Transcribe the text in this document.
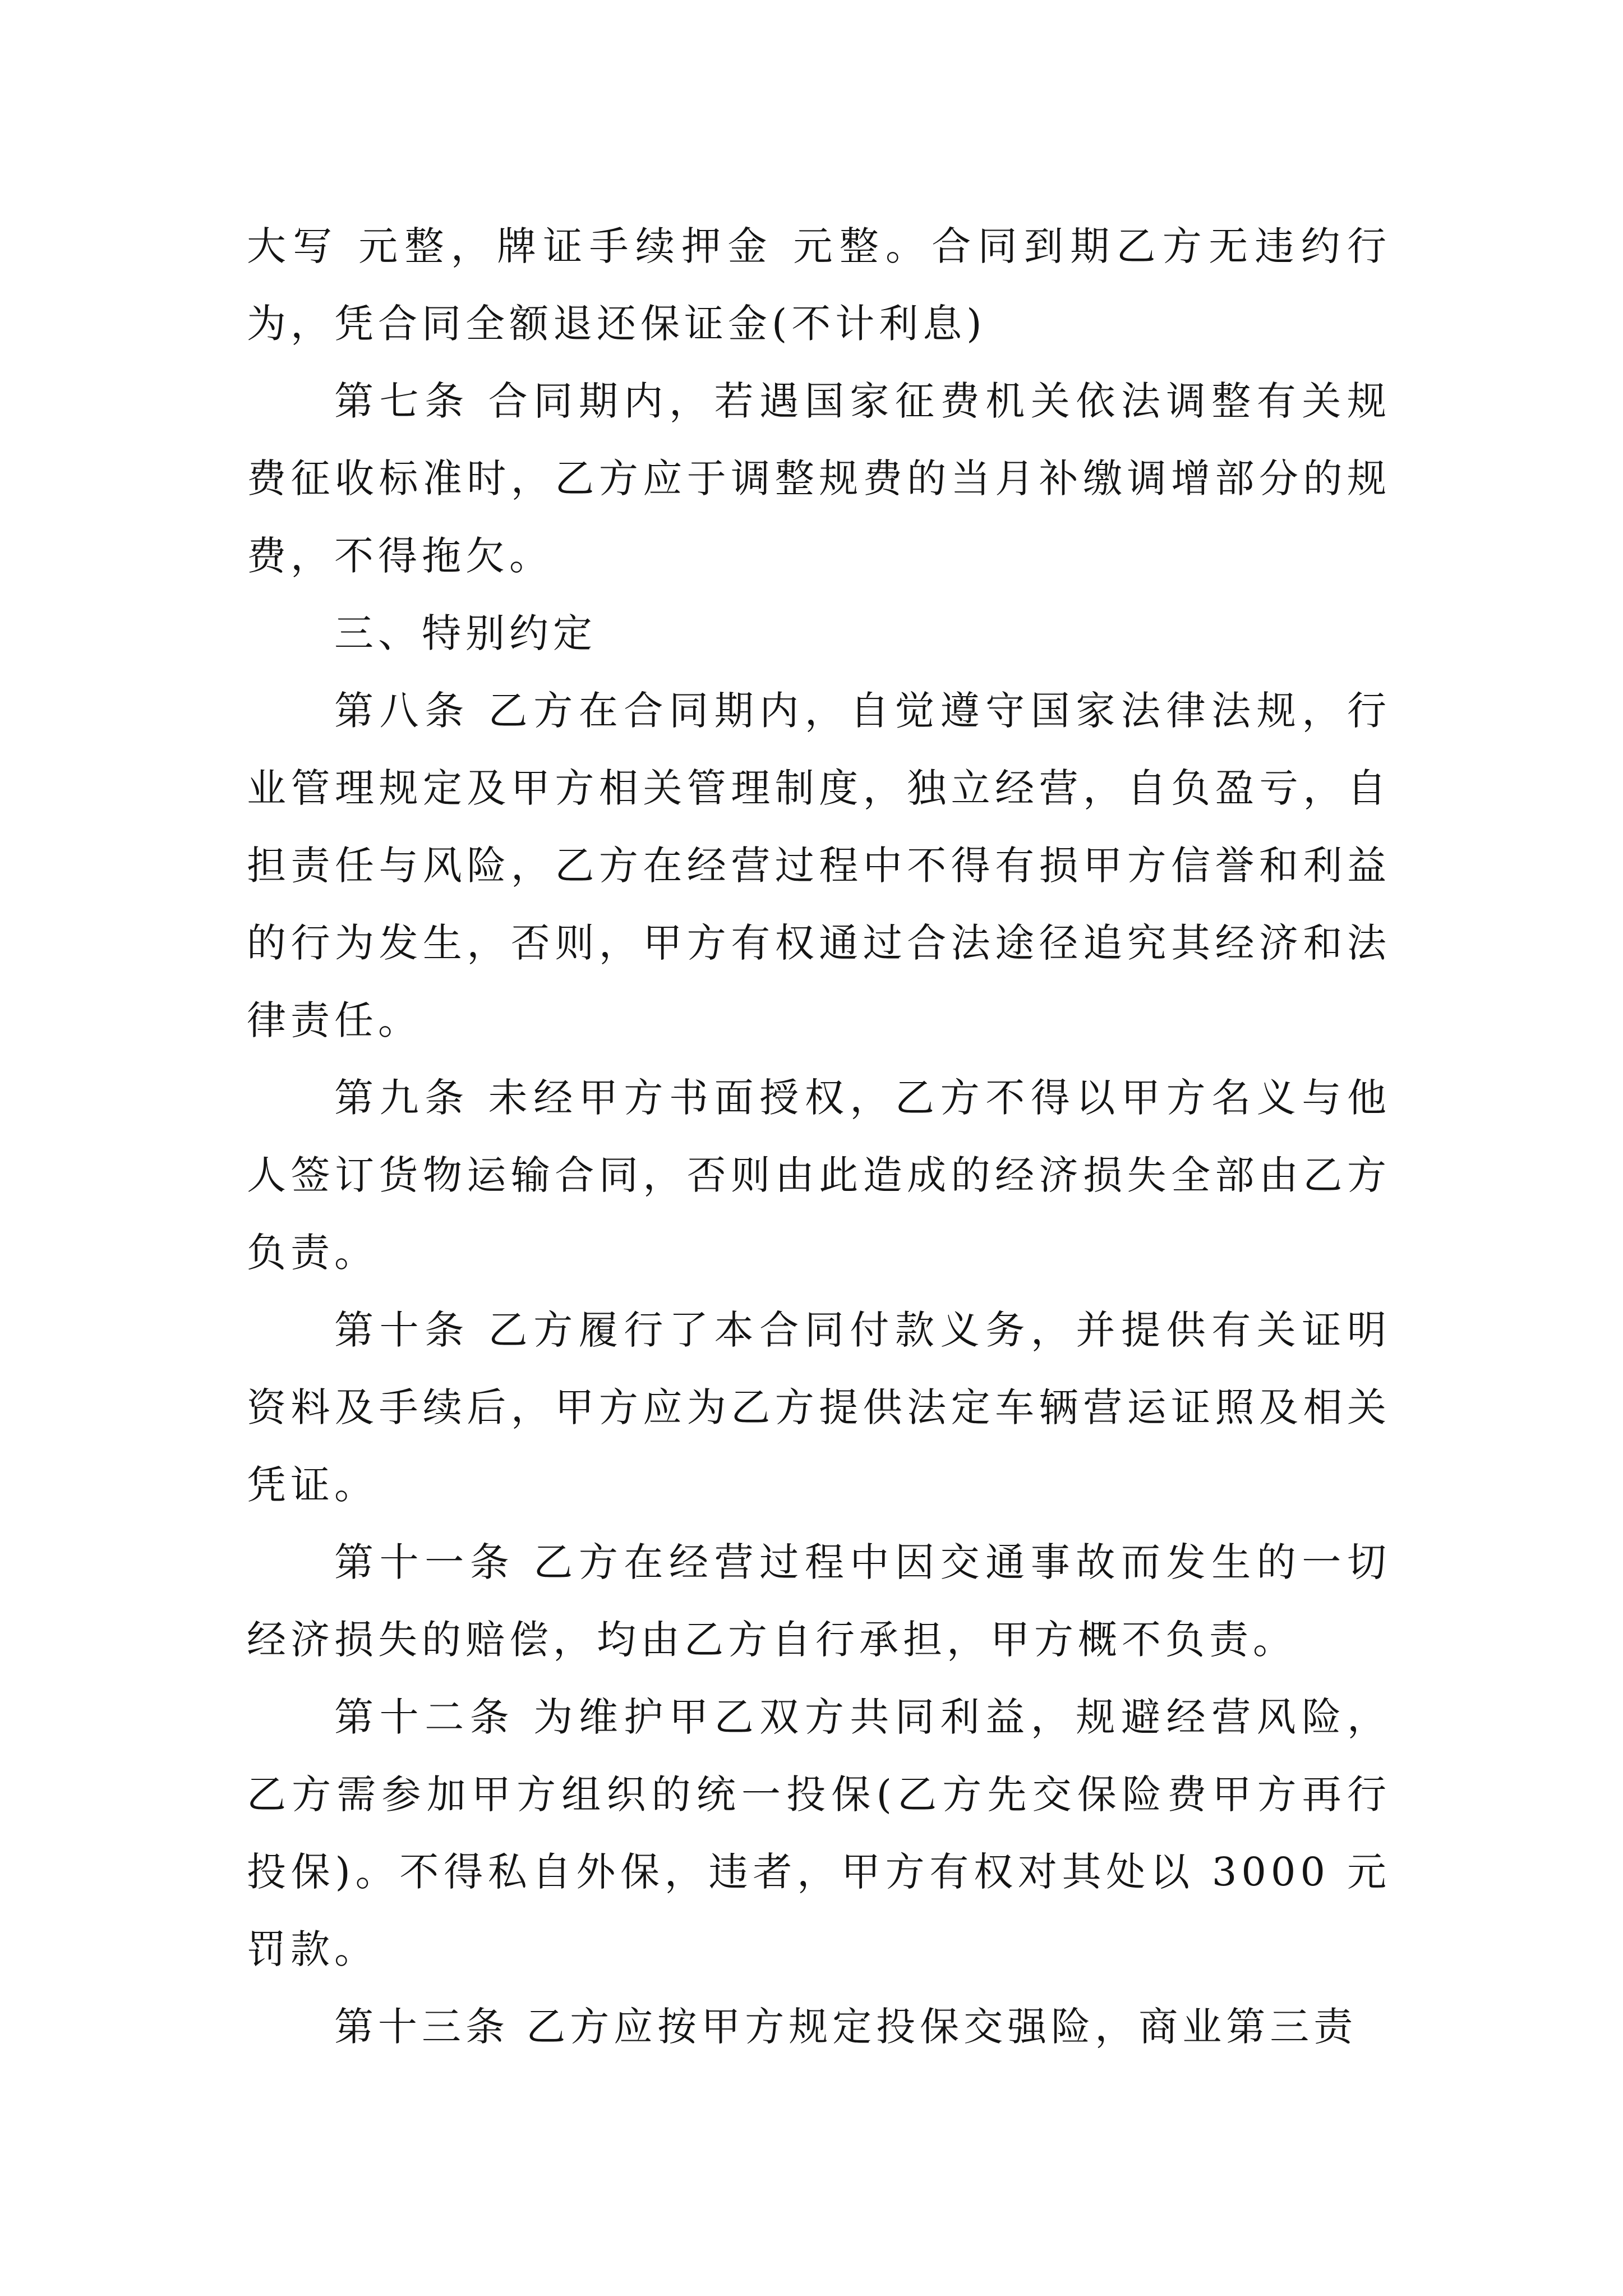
大写 元整，牌证手续押金 元整。合同到期乙方无违约行为，凭合同全额退还保证金(不计利息)

第七条 合同期内，若遇国家征费机关依法调整有关规费征收标准时，乙方应于调整规费的当月补缴调增部分的规费，不得拖欠。

三、特别约定

第八条 乙方在合同期内，自觉遵守国家法律法规，行业管理规定及甲方相关管理制度，独立经营，自负盈亏，自担责任与风险，乙方在经营过程中不得有损甲方信誉和利益的行为发生，否则，甲方有权通过合法途径追究其经济和法律责任。

第九条 未经甲方书面授权，乙方不得以甲方名义与他人签订货物运输合同，否则由此造成的经济损失全部由乙方负责。

第十条 乙方履行了本合同付款义务，并提供有关证明资料及手续后，甲方应为乙方提供法定车辆营运证照及相关凭证。

第十一条 乙方在经营过程中因交通事故而发生的一切经济损失的赔偿，均由乙方自行承担，甲方概不负责。

第十二条 为维护甲乙双方共同利益，规避经营风险，乙方需参加甲方组织的统一投保(乙方先交保险费甲方再行投保)。不得私自外保，违者，甲方有权对其处以 3000 元罚款。

第十三条 乙方应按甲方规定投保交强险，商业第三责
